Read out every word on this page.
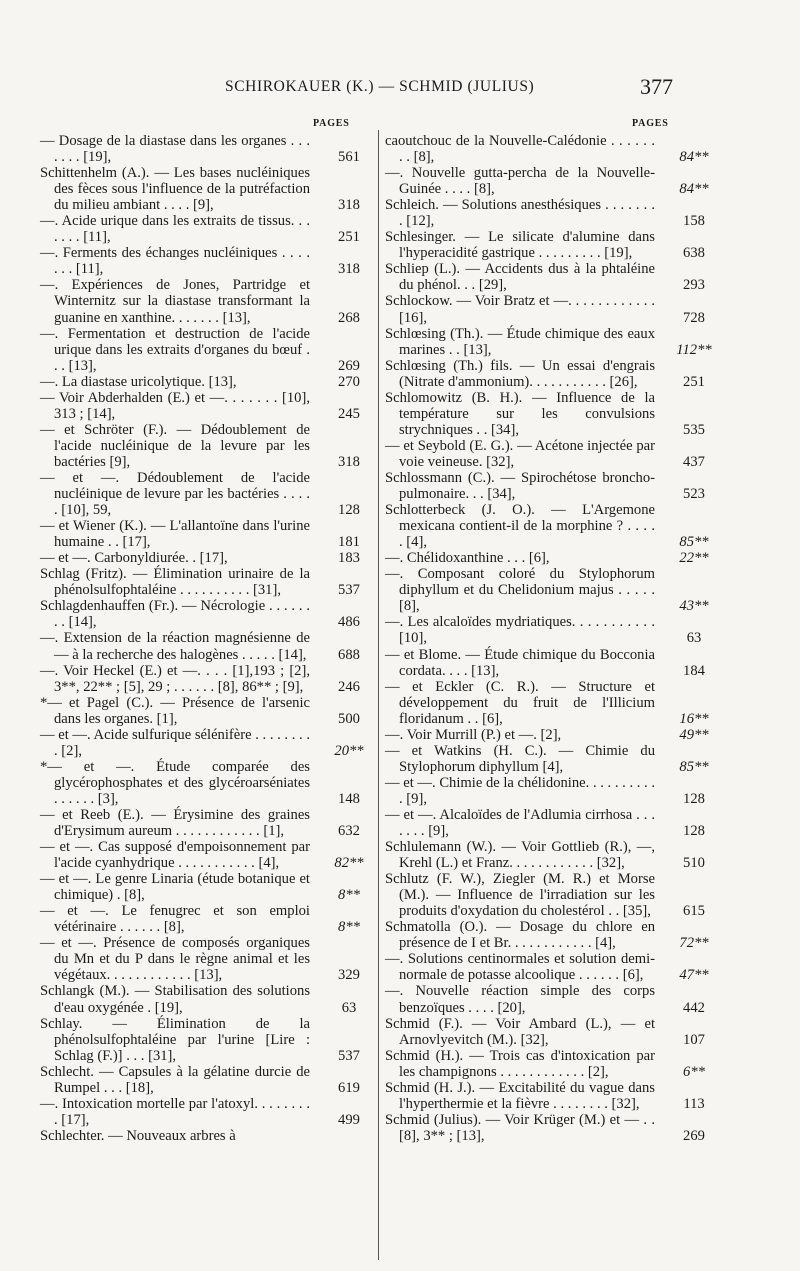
SCHIROKAUER (K.) — SCHMID (JULIUS)	377
PAGES	PAGES
— Dosage de la diastase dans les organes . . . . . . . [19],	561
Schittenhelm (A.). — Les bases nucléiniques des fèces sous l'influence de la putréfaction du milieu ambiant . . . . [9],	318
—. Acide urique dans les extraits de tissus. . . . . . . [11],	251
—. Ferments des échanges nucléiniques . . . . . . . [11],	318
—. Expériences de Jones, Partridge et Winternitz sur la diastase transformant la guanine en xanthine. . . . . . . [13],	268
—. Fermentation et destruction de l'acide urique dans les extraits d'organes du bœuf . . . [13],	269
—. La diastase uricolytique. [13],	270
— Voir Abderhalden (E.) et —. . . . . . . [10], 313 ; [14],	245
— et Schröter (F.). — Dédoublement de l'acide nucléinique de la levure par les bactéries [9],	318
— et —. Dédoublement de l'acide nucléinique de levure par les bactéries . . . . . [10], 59,	128
— et Wiener (K.). — L'allantoïne dans l'urine humaine . . [17],	181
— et —. Carbonyldiurée. . [17],	183
Schlag (Fritz). — Élimination urinaire de la phénolsulfophtaléine . . . . . . . . . . [31],	537
Schlagdenhauffen (Fr.). — Nécrologie . . . . . . . . [14],	486
—. Extension de la réaction magnésienne de — à la recherche des halogènes . . . . . [14],	688
—. Voir Heckel (E.) et —. . . . [1],193 ; [2], 3**, 22** ; [5], 29 ; . . . . . . [8], 86** ; [9],	246
*— et Pagel (C.). — Présence de l'arsenic dans les organes. [1],	500
— et —. Acide sulfurique sélénifère . . . . . . . . . [2],	20**
*— et —. Étude comparée des glycérophosphates et des glycéroarséniates . . . . . . [3],	148
— et Reeb (E.). — Érysimine des graines d'Erysimum aureum . . . . . . . . . . . . [1],	632
— et —. Cas supposé d'empoisonnement par l'acide cyanhydrique . . . . . . . . . . . [4],	82**
— et —. Le genre Linaria (étude botanique et chimique) . [8],	8**
— et —. Le fenugrec et son emploi vétérinaire . . . . . . [8],	8**
— et —. Présence de composés organiques du Mn et du P dans le règne animal et les végétaux. . . . . . . . . . . . [13],	329
Schlangk (M.). — Stabilisation des solutions d'eau oxygénée . [19],	63
Schlay. — Élimination de la phénolsulfophtaléine par l'urine [Lire : Schlag (F.)] . . . [31],	537
Schlecht. — Capsules à la gélatine durcie de Rumpel . . . [18],	619
—. Intoxication mortelle par l'atoxyl. . . . . . . . . [17],	499
Schlechter. — Nouveaux arbres à
caoutchouc de la Nouvelle-Calédonie . . . . . . . . [8],	84**
—. Nouvelle gutta-percha de la Nouvelle-Guinée . . . . [8],	84**
Schleich. — Solutions anesthésiques . . . . . . . . [12],	158
Schlesinger. — Le silicate d'alumine dans l'hyperacidité gastrique . . . . . . . . . [19],	638
Schliep (L.). — Accidents dus à la phtaléine du phénol. . . [29],	293
Schlockow. — Voir Bratz et —. . . . . . . . . . . . [16],	728
Schlœsing (Th.). — Étude chimique des eaux marines . . [13],	112**
Schlœsing (Th.) fils. — Un essai d'engrais (Nitrate d'ammonium). . . . . . . . . . . [26],	251
Schlomowitz (B. H.). — Influence de la température sur les convulsions strychniques . . [34],	535
— et Seybold (E. G.). — Acétone injectée par voie veineuse. [32],	437
Schlossmann (C.). — Spirochétose broncho-pulmonaire. . . [34],	523
Schlotterbeck (J. O.). — L'Argemone mexicana contient-il de la morphine ? . . . . . [4],	85**
—. Chélidoxanthine . . . [6],	22**
—. Composant coloré du Stylophorum diphyllum et du Chelidonium majus . . . . . [8],	43**
—. Les alcaloïdes mydriatiques. . . . . . . . . . . [10],	63
— et Blome. — Étude chimique du Bocconia cordata. . . . [13],	184
— et Eckler (C. R.). — Structure et développement du fruit de l'Illicium floridanum . . [6],	16**
—. Voir Murrill (P.) et —. [2],	49**
— et Watkins (H. C.). — Chimie du Stylophorum diphyllum [4],	85**
— et —. Chimie de la chélidonine. . . . . . . . . . . [9],	128
— et —. Alcaloïdes de l'Adlumia cirrhosa . . . . . . . [9],	128
Schlulemann (W.). — Voir Gottlieb (R.), —, Krehl (L.) et Franz. . . . . . . . . . . . [32],	510
Schlutz (F. W.), Ziegler (M. R.) et Morse (M.). — Influence de l'irradiation sur les produits d'oxydation du cholestérol . . [35],	615
Schmatolla (O.). — Dosage du chlore en présence de I et Br. . . . . . . . . . . . [4],	72**
—. Solutions centinormales et solution demi-normale de potasse alcoolique . . . . . . [6],	47**
—. Nouvelle réaction simple des corps benzoïques . . . . [20],	442
Schmid (F.). — Voir Ambard (L.), — et Arnovlyevitch (M.). [32],	107
Schmid (H.). — Trois cas d'intoxication par les champignons . . . . . . . . . . . . [2],	6**
Schmid (H. J.). — Excitabilité du vague dans l'hyperthermie et la fièvre . . . . . . . . [32],	113
Schmid (Julius). — Voir Krüger (M.) et — . . [8], 3** ; [13],	269
